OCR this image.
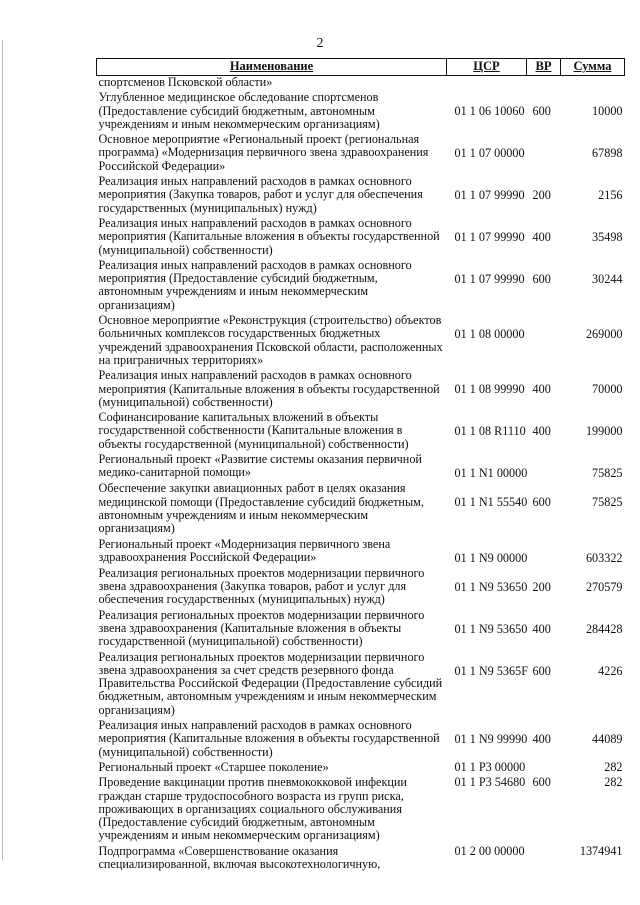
2
Наименование	ЦСР	ВР	Сумма
спортсменов Псковской области»			
Углубленное медицинское обследование спортсменов (Предоставление субсидий бюджетным, автономным учреждениям и иным некоммерческим организациям)	01 1 06 10060	600	10000
Основное мероприятие «Региональный проект (региональная программа) «Модернизация первичного звена здравоохранения Российской Федерации»	01 1 07 00000		67898
Реализация иных направлений расходов в рамках основного мероприятия (Закупка товаров, работ и услуг для обеспечения государственных (муниципальных) нужд)	01 1 07 99990	200	2156
Реализация иных направлений расходов в рамках основного мероприятия (Капитальные вложения в объекты государственной (муниципальной) собственности)	01 1 07 99990	400	35498
Реализация иных направлений расходов в рамках основного мероприятия (Предоставление субсидий бюджетным, автономным учреждениям и иным некоммерческим организациям)	01 1 07 99990	600	30244
Основное мероприятие «Реконструкция (строительство) объектов больничных комплексов государственных бюджетных учреждений здравоохранения Псковской области, расположенных на приграничных территориях»	01 1 08 00000		269000
Реализация иных направлений расходов в рамках основного мероприятия (Капитальные вложения в объекты государственной (муниципальной) собственности)	01 1 08 99990	400	70000
Софинансирование капитальных вложений в объекты государственной собственности (Капитальные вложения в объекты государственной (муниципальной) собственности)	01 1 08 R1110	400	199000
Региональный проект «Развитие системы оказания первичной медико-санитарной помощи»	01 1 N1 00000		75825
Обеспечение закупки авиационных работ в целях оказания медицинской помощи (Предоставление субсидий бюджетным, автономным учреждениям и иным некоммерческим организациям)	01 1 N1 55540	600	75825
Региональный проект «Модернизация первичного звена здравоохранения Российской Федерации»	01 1 N9 00000		603322
Реализация региональных проектов модернизации первичного звена здравоохранения (Закупка товаров, работ и услуг для обеспечения государственных (муниципальных) нужд)	01 1 N9 53650	200	270579
Реализация региональных проектов модернизации первичного звена здравоохранения (Капитальные вложения в объекты государственной (муниципальной) собственности)	01 1 N9 53650	400	284428
Реализация региональных проектов модернизации первичного звена здравоохранения за счет средств резервного фонда Правительства Российской Федерации (Предоставление субсидий бюджетным, автономным учреждениям и иным некоммерческим организациям)	01 1 N9 5365F	600	4226
Реализация иных направлений расходов в рамках основного мероприятия (Капитальные вложения в объекты государственной (муниципальной) собственности)	01 1 N9 99990	400	44089
Региональный проект «Старшее поколение»	01 1 P3 00000		282
Проведение вакцинации против пневмококковой инфекции граждан старше трудоспособного возраста из групп риска, проживающих в организациях социального обслуживания (Предоставление субсидий бюджетным, автономным учреждениям и иным некоммерческим организациям)	01 1 P3 54680	600	282
Подпрограмма «Совершенствование оказания специализированной, включая высокотехнологичную,	01 2 00 00000		1374941
